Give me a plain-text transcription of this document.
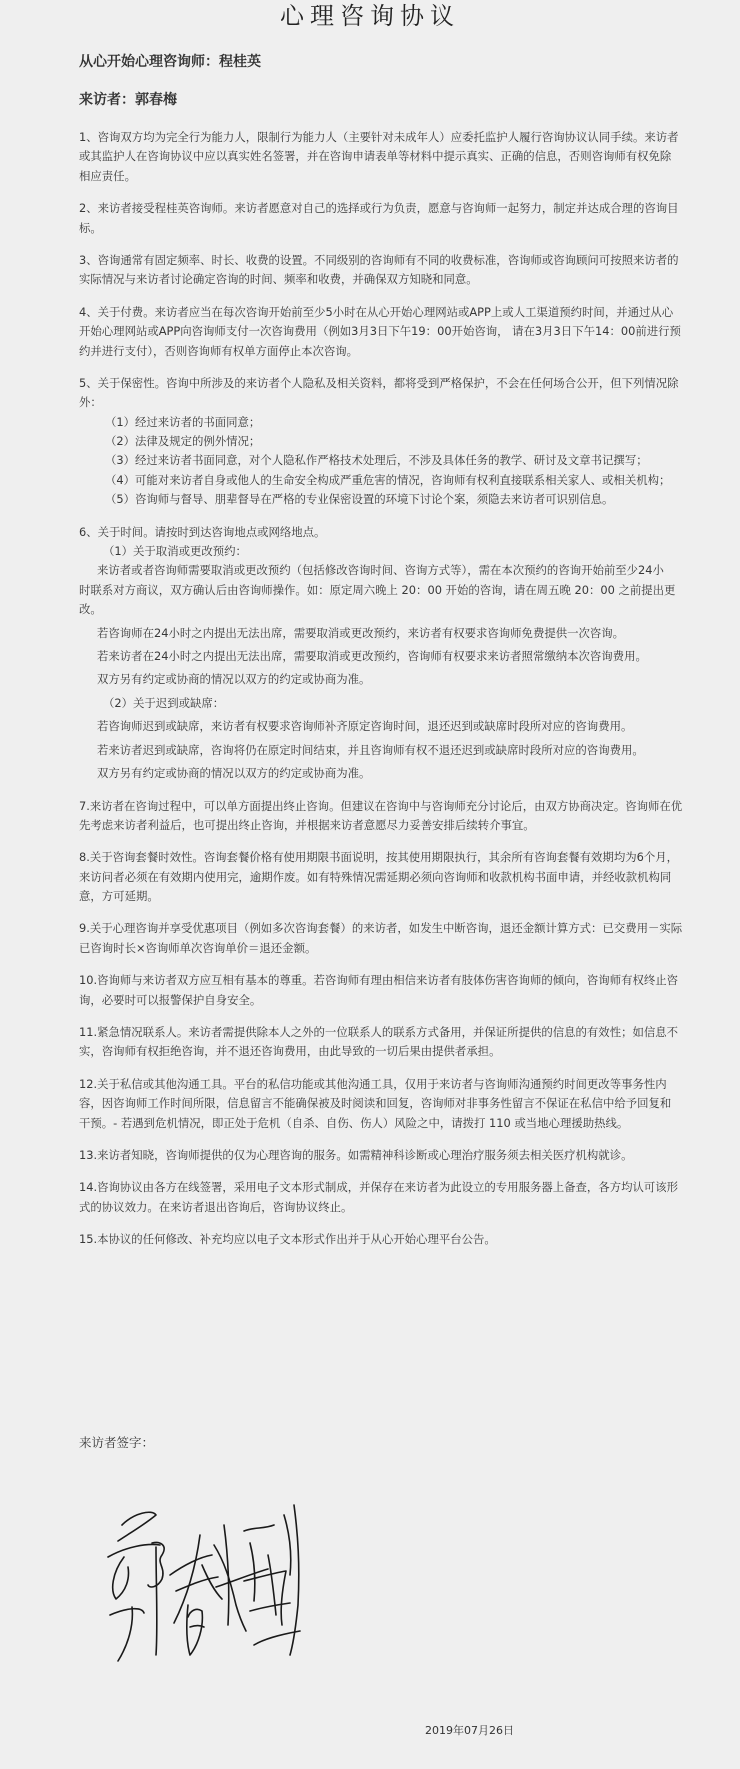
心理咨询协议
从心开始心理咨询师：程桂英
来访者：郭春梅
1、咨询双方均为完全行为能力人，限制行为能力人（主要针对未成年人）应委托监护人履行咨询协议认同手续。来访者
或其监护人在咨询协议中应以真实姓名签署，并在咨询申请表单等材料中提示真实、正确的信息，否则咨询师有权免除
相应责任。
2、来访者接受程桂英咨询师。来访者愿意对自己的选择或行为负责，愿意与咨询师一起努力，制定并达成合理的咨询目
标。
3、咨询通常有固定频率、时长、收费的设置。不同级别的咨询师有不同的收费标准，咨询师或咨询顾问可按照来访者的
实际情况与来访者讨论确定咨询的时间、频率和收费，并确保双方知晓和同意。
4、关于付费。来访者应当在每次咨询开始前至少5小时在从心开始心理网站或APP上或人工渠道预约时间，并通过从心
开始心理网站或APP向咨询师支付一次咨询费用（例如3月3日下午19：00开始咨询， 请在3月3日下午14：00前进行预
约并进行支付），否则咨询师有权单方面停止本次咨询。
5、关于保密性。咨询中所涉及的来访者个人隐私及相关资料，都将受到严格保护，不会在任何场合公开，但下列情况除
外：
（1）经过来访者的书面同意；
（2）法律及规定的例外情况；
（3）经过来访者书面同意，对个人隐私作严格技术处理后，不涉及具体任务的教学、研讨及文章书记撰写；
（4）可能对来访者自身或他人的生命安全构成严重危害的情况，咨询师有权利直接联系相关家人、或相关机构；
（5）咨询师与督导、朋辈督导在严格的专业保密设置的环境下讨论个案，须隐去来访者可识别信息。
6、关于时间。请按时到达咨询地点或网络地点。
（1）关于取消或更改预约：
来访者或者咨询师需要取消或更改预约（包括修改咨询时间、咨询方式等），需在本次预约的咨询开始前至少24小
时联系对方商议，双方确认后由咨询师操作。如：原定周六晚上 20：00 开始的咨询，请在周五晚 20：00 之前提出更
改。
若咨询师在24小时之内提出无法出席，需要取消或更改预约，来访者有权要求咨询师免费提供一次咨询。
若来访者在24小时之内提出无法出席，需要取消或更改预约，咨询师有权要求来访者照常缴纳本次咨询费用。
双方另有约定或协商的情况以双方的约定或协商为准。
（2）关于迟到或缺席：
若咨询师迟到或缺席，来访者有权要求咨询师补齐原定咨询时间，退还迟到或缺席时段所对应的咨询费用。
若来访者迟到或缺席，咨询将仍在原定时间结束，并且咨询师有权不退还迟到或缺席时段所对应的咨询费用。
双方另有约定或协商的情况以双方的约定或协商为准。
7.来访者在咨询过程中，可以单方面提出终止咨询。但建议在咨询中与咨询师充分讨论后，由双方协商决定。咨询师在优
先考虑来访者利益后，也可提出终止咨询，并根据来访者意愿尽力妥善安排后续转介事宜。
8.关于咨询套餐时效性。咨询套餐价格有使用期限书面说明，按其使用期限执行，其余所有咨询套餐有效期均为6个月，
来访问者必须在有效期内使用完，逾期作废。如有特殊情况需延期必须向咨询师和收款机构书面申请，并经收款机构同
意，方可延期。
9.关于心理咨询并享受优惠项目（例如多次咨询套餐）的来访者，如发生中断咨询，退还金额计算方式：已交费用－实际
已咨询时长×咨询师单次咨询单价＝退还金额。
10.咨询师与来访者双方应互相有基本的尊重。若咨询师有理由相信来访者有肢体伤害咨询师的倾向，咨询师有权终止咨
询，必要时可以报警保护自身安全。
11.紧急情况联系人。来访者需提供除本人之外的一位联系人的联系方式备用，并保证所提供的信息的有效性；如信息不
实，咨询师有权拒绝咨询，并不退还咨询费用，由此导致的一切后果由提供者承担。
12.关于私信或其他沟通工具。平台的私信功能或其他沟通工具，仅用于来访者与咨询师沟通预约时间更改等事务性内
容，因咨询师工作时间所限，信息留言不能确保被及时阅读和回复，咨询师对非事务性留言不保证在私信中给予回复和
干预。- 若遇到危机情况，即正处于危机（自杀、自伤、伤人）风险之中，请拨打 110 或当地心理援助热线。
13.来访者知晓，咨询师提供的仅为心理咨询的服务。如需精神科诊断或心理治疗服务须去相关医疗机构就诊。
14.咨询协议由各方在线签署，采用电子文本形式制成，并保存在来访者为此设立的专用服务器上备查，各方均认可该形
式的协议效力。在来访者退出咨询后，咨询协议终止。
15.本协议的任何修改、补充均应以电子文本形式作出并于从心开始心理平台公告。
来访者签字：
2019年07月26日
